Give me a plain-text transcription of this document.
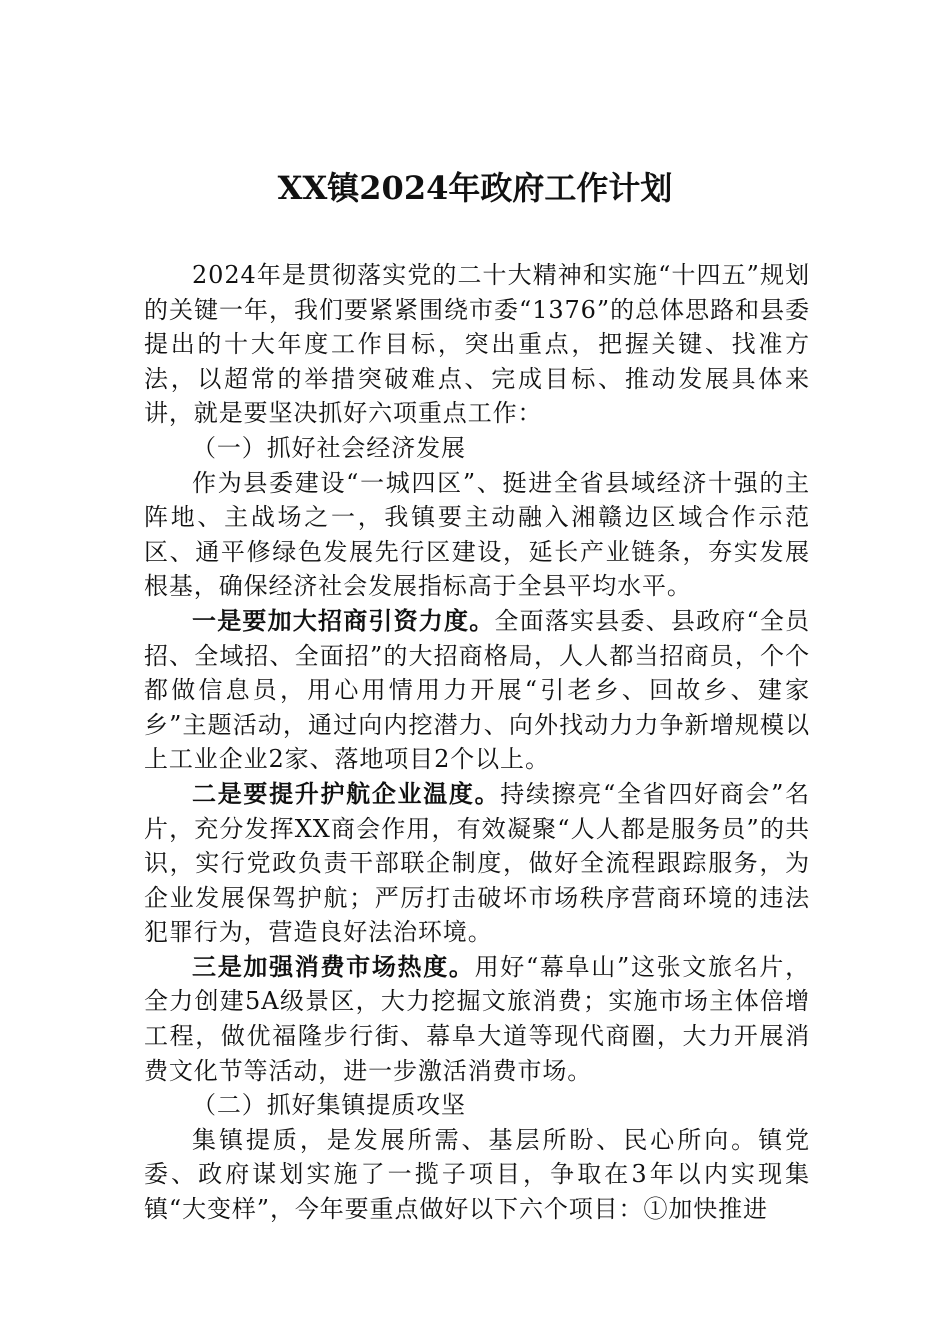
XX镇2024年政府工作计划

2024年是贯彻落实党的二十大精神和实施“十四五”规划的关键一年，我们要紧紧围绕市委“1376”的总体思路和县委提出的十大年度工作目标，突出重点，把握关键、找准方法，以超常的举措突破难点、完成目标、推动发展具体来讲，就是要坚决抓好六项重点工作：

（一）抓好社会经济发展

作为县委建设“一城四区”、挺进全省县域经济十强的主阵地、主战场之一，我镇要主动融入湘赣边区域合作示范区、通平修绿色发展先行区建设，延长产业链条，夯实发展根基，确保经济社会发展指标高于全县平均水平。

一是要加大招商引资力度。全面落实县委、县政府“全员招、全域招、全面招”的大招商格局，人人都当招商员，个个都做信息员，用心用情用力开展“引老乡、回故乡、建家乡”主题活动，通过向内挖潜力、向外找动力力争新增规模以上工业企业2家、落地项目2个以上。

二是要提升护航企业温度。持续擦亮“全省四好商会”名片，充分发挥XX商会作用，有效凝聚“人人都是服务员”的共识，实行党政负责干部联企制度，做好全流程跟踪服务，为企业发展保驾护航；严厉打击破坏市场秩序营商环境的违法犯罪行为，营造良好法治环境。

三是加强消费市场热度。用好“幕阜山”这张文旅名片，全力创建5A级景区，大力挖掘文旅消费；实施市场主体倍增工程，做优福隆步行街、幕阜大道等现代商圈，大力开展消费文化节等活动，进一步激活消费市场。

（二）抓好集镇提质攻坚

集镇提质，是发展所需、基层所盼、民心所向。镇党委、政府谋划实施了一揽子项目，争取在3年以内实现集镇“大变样”，今年要重点做好以下六个项目：①加快推进
